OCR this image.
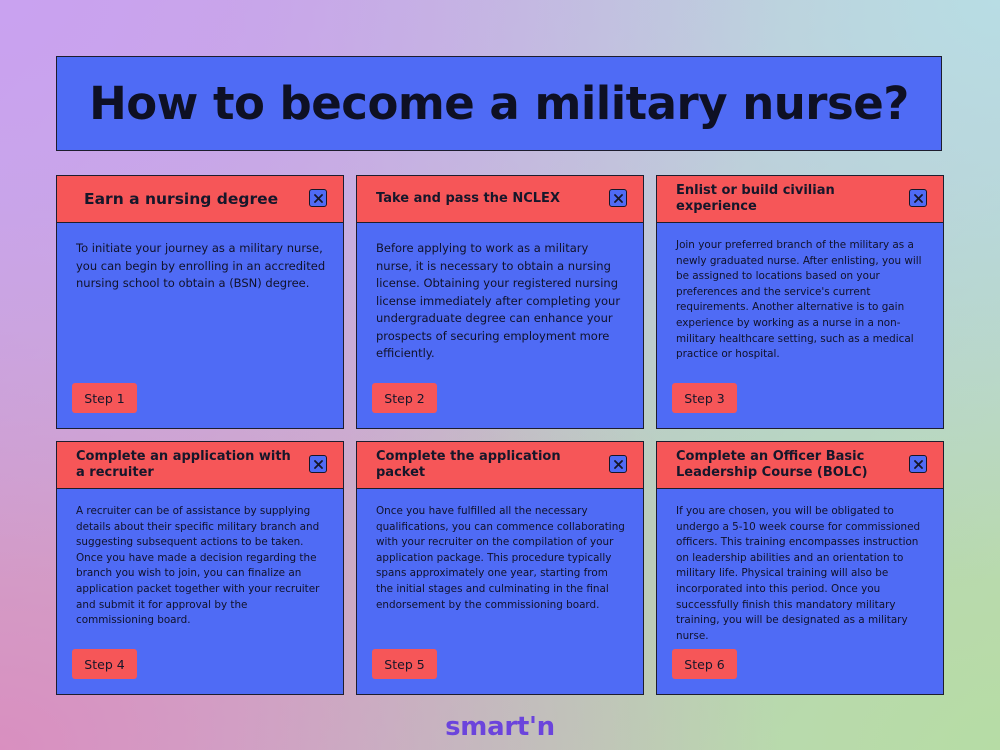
How to become a military nurse?
Earn a nursing degree
To initiate your journey as a military nurse, you can begin by enrolling in an accredited nursing school to obtain a (BSN) degree.
Step 1
Take and pass the NCLEX
Before applying to work as a military nurse, it is necessary to obtain a nursing license. Obtaining your registered nursing license immediately after completing your undergraduate degree can enhance your prospects of securing employment more efficiently.
Step 2
Enlist or build civilian experience
Join your preferred branch of the military as a newly graduated nurse. After enlisting, you will be assigned to locations based on your preferences and the service's current requirements. Another alternative is to gain experience by working as a nurse in a non-military healthcare setting, such as a medical practice or hospital.
Step 3
Complete an application with a recruiter
A recruiter can be of assistance by supplying details about their specific military branch and suggesting subsequent actions to be taken. Once you have made a decision regarding the branch you wish to join, you can finalize an application packet together with your recruiter and submit it for approval by the commissioning board.
Step 4
Complete the application packet
Once you have fulfilled all the necessary qualifications, you can commence collaborating with your recruiter on the compilation of your application package. This procedure typically spans approximately one year, starting from the initial stages and culminating in the final endorsement by the commissioning board.
Step 5
Complete an Officer Basic Leadership Course (BOLC)
If you are chosen, you will be obligated to undergo a 5-10 week course for commissioned officers. This training encompasses instruction on leadership abilities and an orientation to military life. Physical training will also be incorporated into this period. Once you successfully finish this mandatory military training, you will be designated as a military nurse.
Step 6
smart'n
